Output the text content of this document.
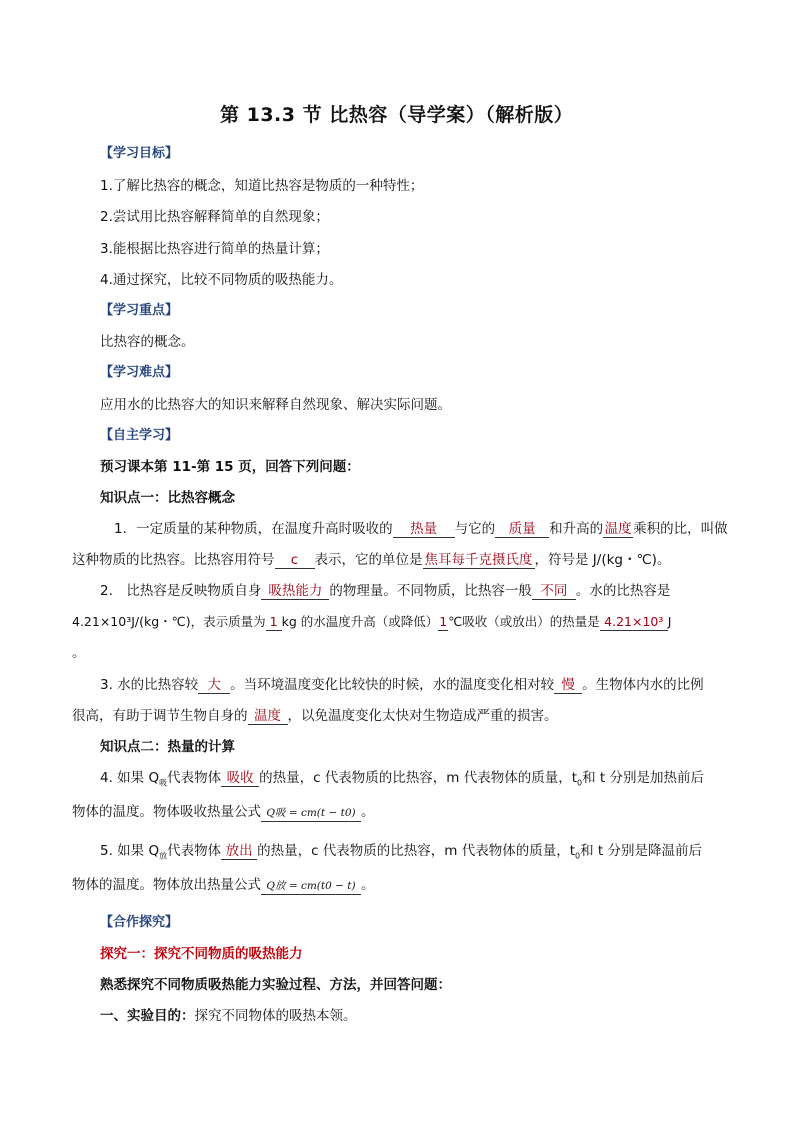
第 13.3 节 比热容（导学案）（解析版）
【学习目标】
1.了解比热容的概念，知道比热容是物质的一种特性；
2.尝试用比热容解释简单的自然现象；
3.能根据比热容进行简单的热量计算；
4.通过探究，比较不同物质的吸热能力。
【学习重点】
比热容的概念。
【学习难点】
应用水的比热容大的知识来解释自然现象、解决实际问题。
【自主学习】
预习课本第 11-第 15 页，回答下列问题：
知识点一：比热容概念
1．一定质量的某种物质，在温度升高时吸收的 热量 与它的 质量 和升高的 温度 乘积的比，叫做
这种物质的比热容。比热容用符号 c 表示，它的单位是 焦耳每千克摄氏度 ，符号是 J/(kg・℃)。
2.　比热容是反映物质自身 吸热能力 的物理量。不同物质，比热容一般 不同 。水的比热容是
4.21×10³J/(kg・℃)，表示质量为 1 kg 的水温度升高（或降低）1℃吸收（或放出）的热量是 4.21×10³ J
。
3. 水的比热容较 大 。当环境温度变化比较快的时候，水的温度变化相对较 慢 。生物体内水的比例
很高，有助于调节生物自身的 温度 ，以免温度变化太快对生物造成严重的损害。
知识点二：热量的计算
4. 如果 $Q_吸$代表物体 吸收 的热量，c 代表物质的比热容，m 代表物体的质量，$t_0$和 t 分别是加热前后
物体的温度。物体吸收热量公式 Q吸 = cm(t − t0) 。
5. 如果 $Q_放$代表物体 放出 的热量，c 代表物质的比热容，m 代表物体的质量，$t_0$和 t 分别是降温前后
物体的温度。物体放出热量公式 Q放 = cm(t0 − t) 。
【合作探究】
探究一：探究不同物质的吸热能力
熟悉探究不同物质吸热能力实验过程、方法，并回答问题：
一、实验目的：探究不同物体的吸热本领。
